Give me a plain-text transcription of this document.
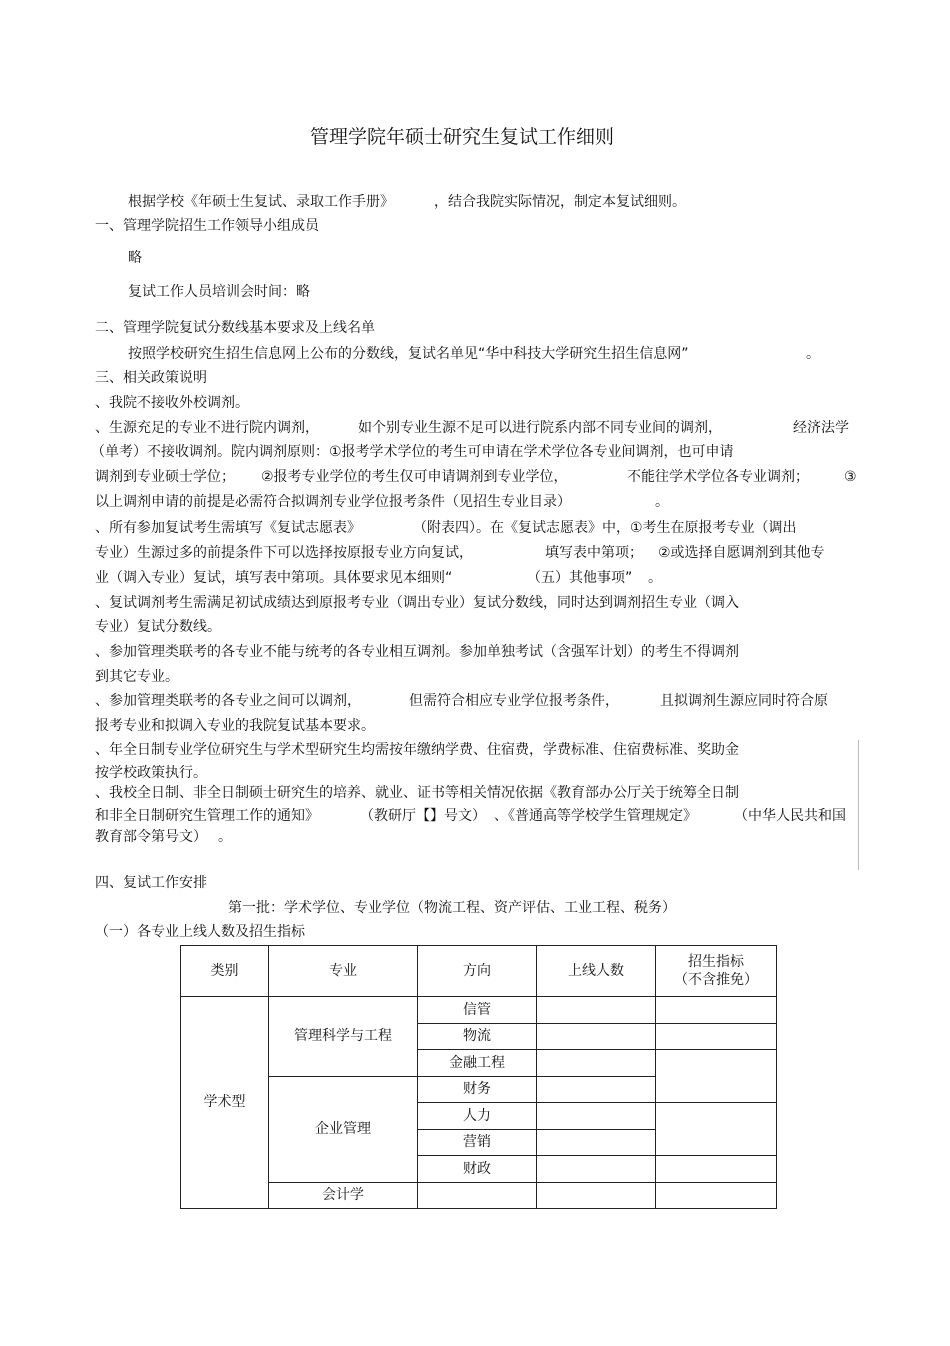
管理学院年硕士研究生复试工作细则
根据学校《年硕士生复试、录取工作手册》	，结合我院实际情况，制定本复试细则。
一、管理学院招生工作领导小组成员
略
复试工作人员培训会时间：略
二、管理学院复试分数线基本要求及上线名单
按照学校研究生招生信息网上公布的分数线，复试名单见“华中科技大学研究生招生信息网”	。
三、相关政策说明
、我院不接收外校调剂。
、生源充足的专业不进行院内调剂，	如个别专业生源不足可以进行院系内部不同专业间的调剂，	经济法学
（单考）不接收调剂。院内调剂原则：①报考学术学位的考生可申请在学术学位各专业间调剂，也可申请
调剂到专业硕士学位； ②报考专业学位的考生仅可申请调剂到专业学位，	不能往学术学位各专业调剂；	③
以上调剂申请的前提是必需符合拟调剂专业学位报考条件（见招生专业目录）	。
、所有参加复试考生需填写《复试志愿表》	（附表四）。在《复试志愿表》中，①考生在原报考专业（调出
专业）生源过多的前提条件下可以选择按原报专业方向复试，	填写表中第项； ②或选择自愿调剂到其他专
业（调入专业）复试，填写表中第项。具体要求见本细则“	（五）其他事项” 。
、复试调剂考生需满足初试成绩达到原报考专业（调出专业）复试分数线，同时达到调剂招生专业（调入
专业）复试分数线。
、参加管理类联考的各专业不能与统考的各专业相互调剂。参加单独考试（含强军计划）的考生不得调剂
到其它专业。
、参加管理类联考的各专业之间可以调剂，	但需符合相应专业学位报考条件，	且拟调剂生源应同时符合原
报考专业和拟调入专业的我院复试基本要求。
、年全日制专业学位研究生与学术型研究生均需按年缴纳学费、住宿费，学费标准、住宿费标准、奖助金
按学校政策执行。
、我校全日制、非全日制硕士研究生的培养、就业、证书等相关情况依据《教育部办公厅关于统筹全日制
和非全日制研究生管理工作的通知》	（教研厅【】号文） 、《普通高等学校学生管理规定》	（中华人民共和国
教育部令第号文） 。
四、复试工作安排
第一批：学术学位、专业学位（物流工程、资产评估、工业工程、税务）
（一）各专业上线人数及招生指标
类别	专业	方向	上线人数	招生指标
（不含推免）
学术型	管理科学与工程	信管		
		物流		
		金融工程		
	企业管理	财务		
		人力		
		营销		
		财政		
	会计学			
